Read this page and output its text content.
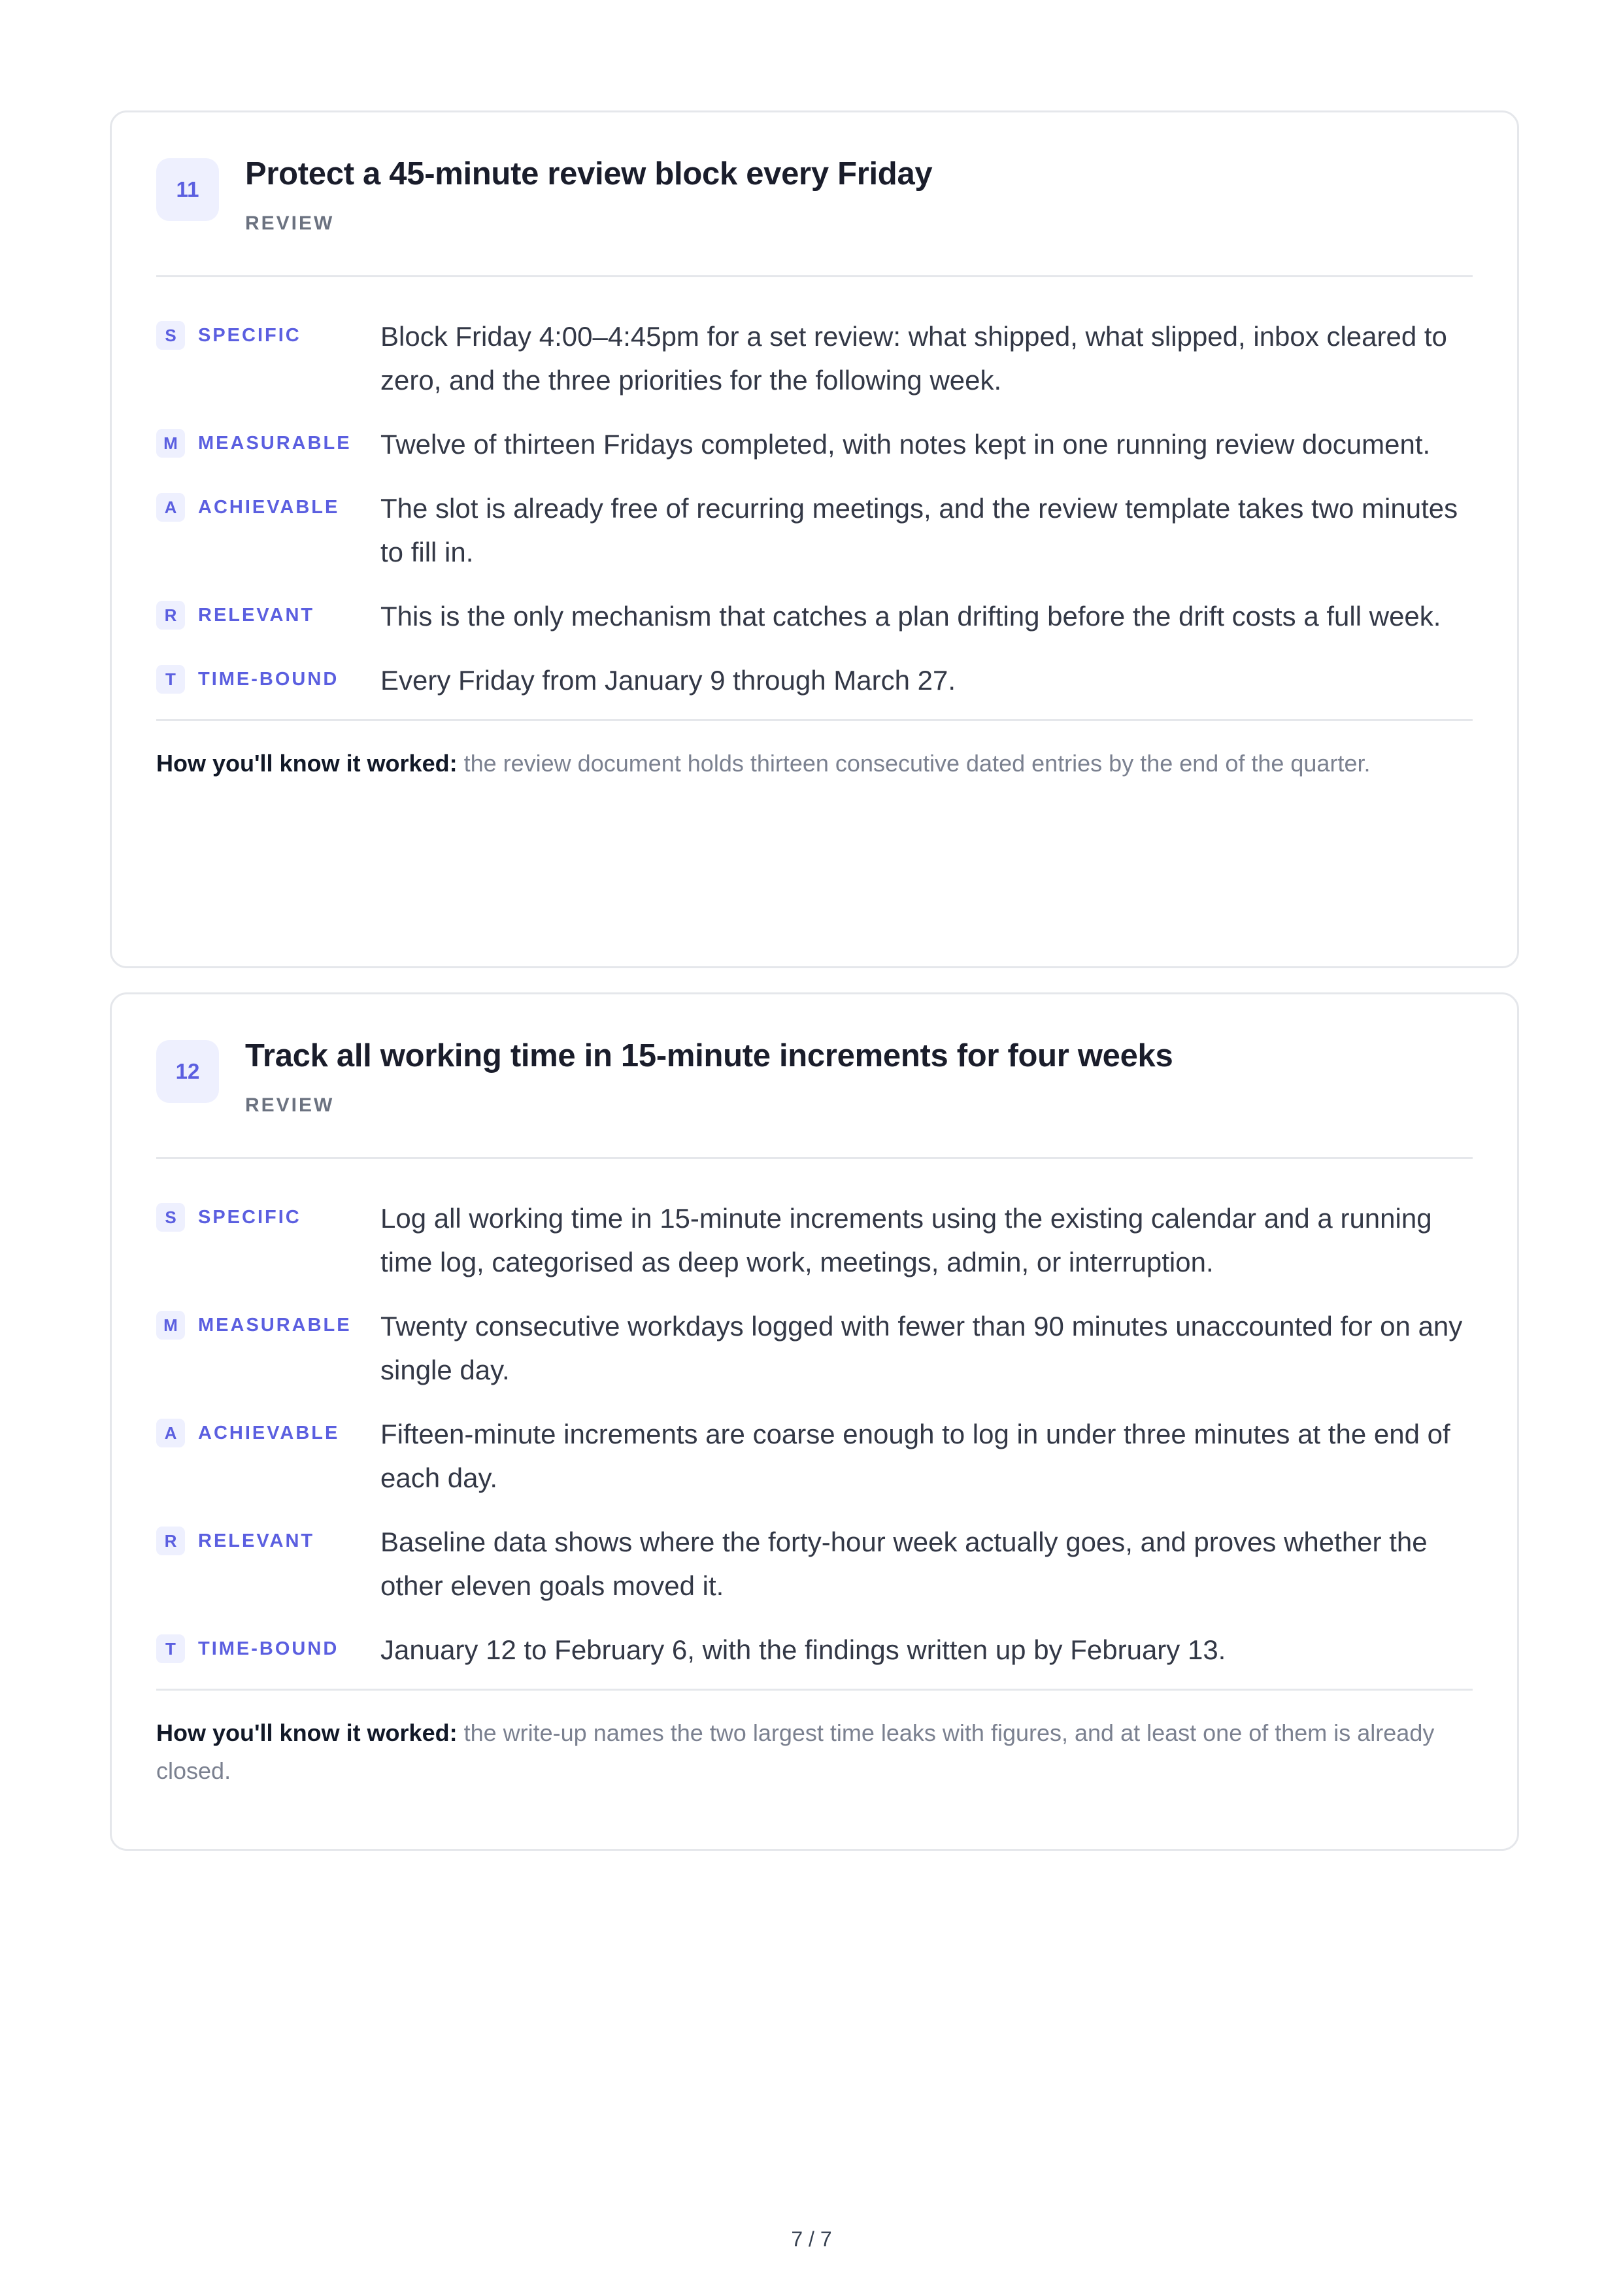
11	Protect a 45-minute review block every Friday
REVIEW
S	SPECIFIC	Block Friday 4:00–4:45pm for a set review: what shipped, what slipped, inbox cleared to zero, and the three priorities for the following week.
M	MEASURABLE Twelve of thirteen Fridays completed, with notes kept in one running review document.
A	ACHIEVABLE The slot is already free of recurring meetings, and the review template takes two minutes to fill in.
R	RELEVANT This is the only mechanism that catches a plan drifting before the drift costs a full week.
T	TIME-BOUND Every Friday from January 9 through March 27.
How you'll know it worked: the review document holds thirteen consecutive dated entries by the end of the quarter.
12	Track all working time in 15-minute increments for four weeks
REVIEW
S	SPECIFIC	Log all working time in 15-minute increments using the existing calendar and a running time log, categorised as deep work, meetings, admin, or interruption.
M	MEASURABLE Twenty consecutive workdays logged with fewer than 90 minutes unaccounted for on any single day.
A	ACHIEVABLE Fifteen-minute increments are coarse enough to log in under three minutes at the end of each day.
R	RELEVANT Baseline data shows where the forty-hour week actually goes, and proves whether the other eleven goals moved it.
T	TIME-BOUND January 12 to February 6, with the findings written up by February 13.
How you'll know it worked: the write-up names the two largest time leaks with figures, and at least one of them is already closed.
7 / 7
